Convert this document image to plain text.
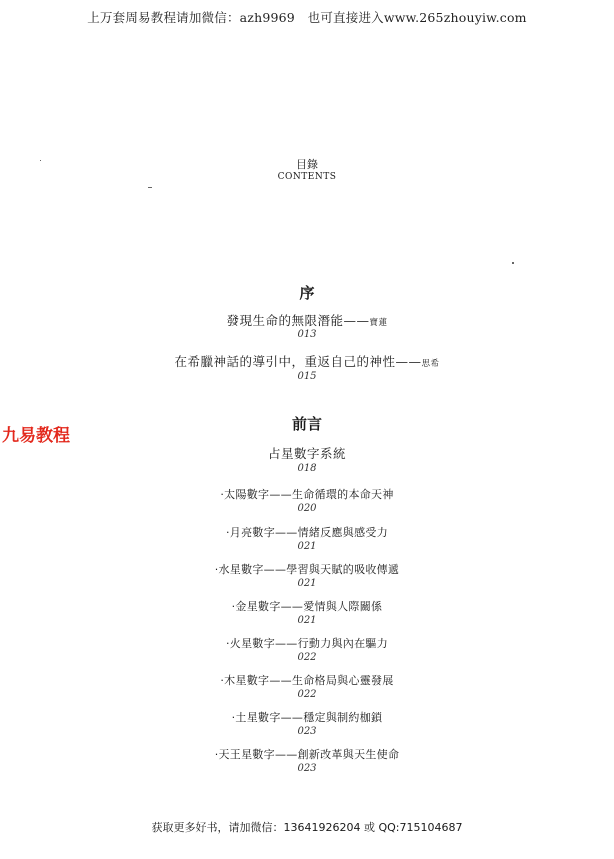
上万套周易教程请加微信：azh9969　也可直接进入www.265zhouyiw.com
目錄
CONTENTS
序
發現生命的無限潛能——寶蓮
013
在希臘神話的導引中，重返自己的神性——思希
015
九易教程
前言
占星數字系統
018
·太陽數字——生命循環的本命天神
020
·月亮數字——情緒反應與感受力
021
·水星數字——學習與天賦的吸收傳遞
021
·金星數字——愛情與人際關係
021
·火星數字——行動力與內在驅力
022
·木星數字——生命格局與心靈發展
022
·土星數字——穩定與制約枷鎖
023
·天王星數字——創新改革與天生使命
023
获取更多好书，请加微信：13641926204 或 QQ:715104687
